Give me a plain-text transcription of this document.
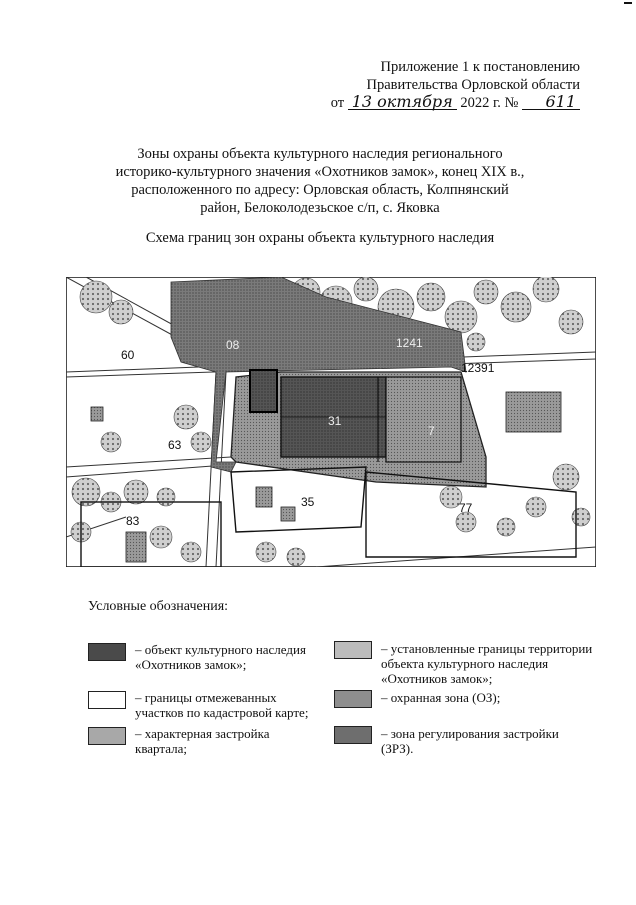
Приложение 1 к постановлению
Правительства Орловской области
от 13 октября 2022 г. № 611
Зоны охраны объекта культурного наследия регионального
историко-культурного значения «Охотников замок», конец XIX в.,
расположенного по адресу: Орловская область, Колпнянский
район, Белоколодезьское с/п, с. Яковка
Схема границ зон охраны объекта культурного наследия
60
63
83
35	77
1241
12391
08
31
7
Условные обозначения:
– объект культурного наследия
«Охотников замок»;
– установленные границы территории
объекта культурного наследия
«Охотников замок»;
– границы отмежеванных
участков по кадастровой карте;
– охранная зона (ОЗ);
– характерная застройка
квартала;
– зона регулирования застройки
(ЗРЗ).
